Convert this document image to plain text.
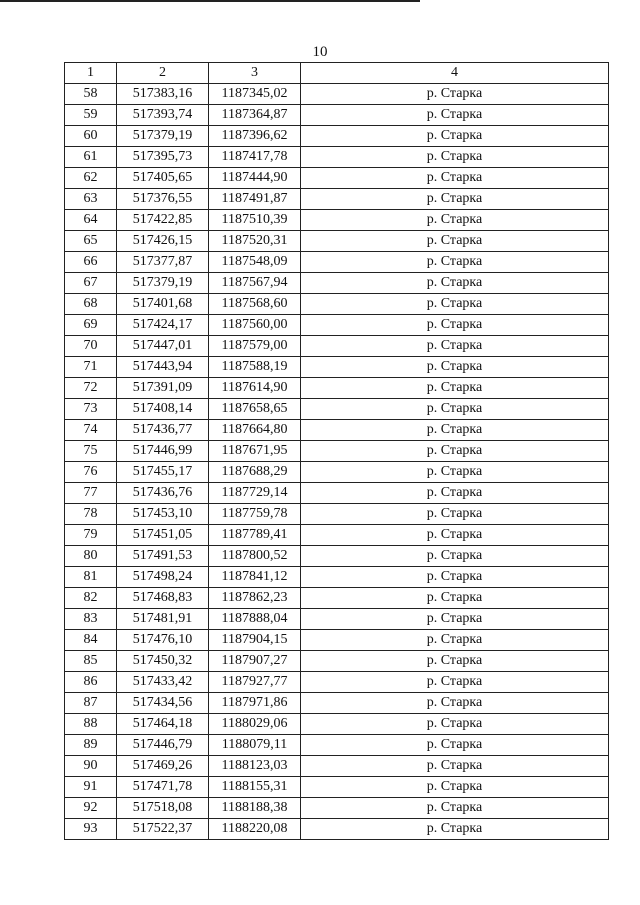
10
1	2	3	4
58	517383,16	1187345,02	р. Старка
59	517393,74	1187364,87	р. Старка
60	517379,19	1187396,62	р. Старка
61	517395,73	1187417,78	р. Старка
62	517405,65	1187444,90	р. Старка
63	517376,55	1187491,87	р. Старка
64	517422,85	1187510,39	р. Старка
65	517426,15	1187520,31	р. Старка
66	517377,87	1187548,09	р. Старка
67	517379,19	1187567,94	р. Старка
68	517401,68	1187568,60	р. Старка
69	517424,17	1187560,00	р. Старка
70	517447,01	1187579,00	р. Старка
71	517443,94	1187588,19	р. Старка
72	517391,09	1187614,90	р. Старка
73	517408,14	1187658,65	р. Старка
74	517436,77	1187664,80	р. Старка
75	517446,99	1187671,95	р. Старка
76	517455,17	1187688,29	р. Старка
77	517436,76	1187729,14	р. Старка
78	517453,10	1187759,78	р. Старка
79	517451,05	1187789,41	р. Старка
80	517491,53	1187800,52	р. Старка
81	517498,24	1187841,12	р. Старка
82	517468,83	1187862,23	р. Старка
83	517481,91	1187888,04	р. Старка
84	517476,10	1187904,15	р. Старка
85	517450,32	1187907,27	р. Старка
86	517433,42	1187927,77	р. Старка
87	517434,56	1187971,86	р. Старка
88	517464,18	1188029,06	р. Старка
89	517446,79	1188079,11	р. Старка
90	517469,26	1188123,03	р. Старка
91	517471,78	1188155,31	р. Старка
92	517518,08	1188188,38	р. Старка
93	517522,37	1188220,08	р. Старка
